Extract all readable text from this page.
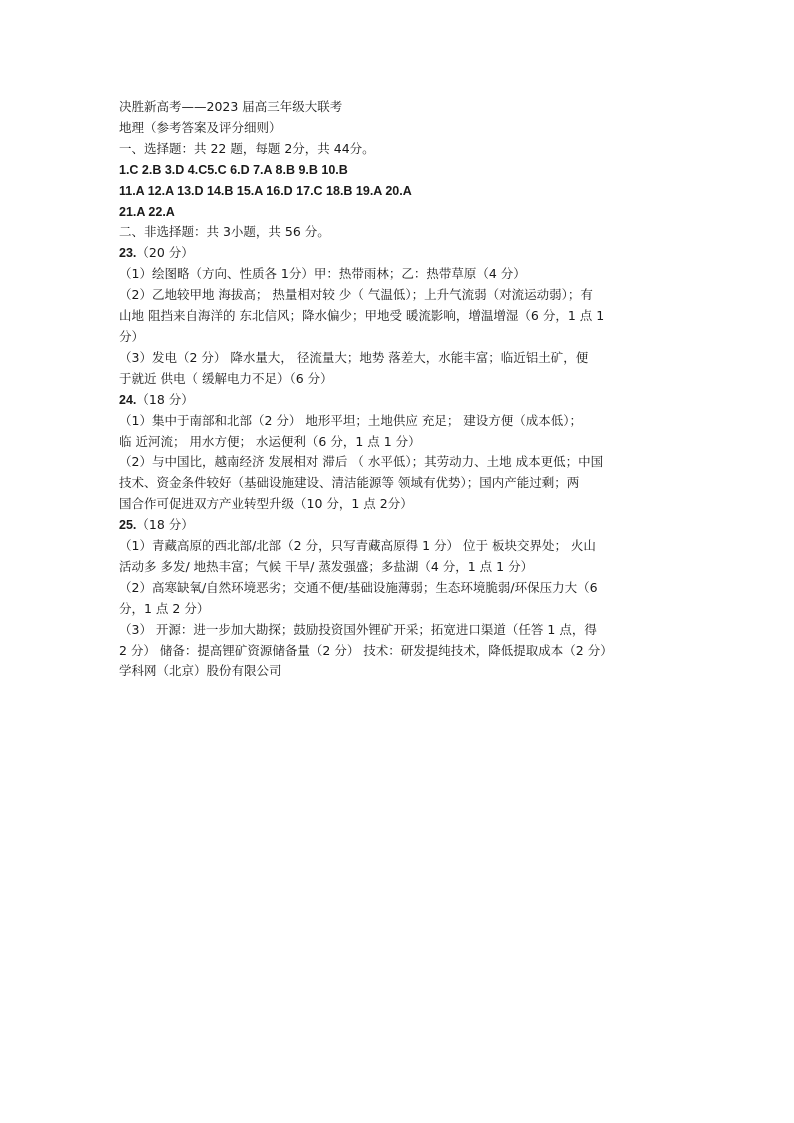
决胜新高考——2023 届高三年级大联考
地理（参考答案及评分细则）
一、选择题：共 22 题，每题 2分，共 44分。
1.C 2.B 3.D 4.C5.C 6.D 7.A 8.B 9.B 10.B
11.A 12.A 13.D 14.B 15.A 16.D 17.C 18.B 19.A 20.A
21.A 22.A
二、非选择题：共 3小题，共 56 分。
23.（20 分）
（1）绘图略（方向、性质各 1分）甲：热带雨林；乙：热带草原（4 分）
（2）乙地较甲地 海拔高； 热量相对较 少（ 气温低）；上升气流弱（对流运动弱）；有
山地 阻挡来自海洋的 东北信风；降水偏少；甲地受 暖流影响，增温增湿（6 分，1 点 1
分）
（3）发电（2 分） 降水量大， 径流量大；地势 落差大，水能丰富；临近铝土矿，便
于就近 供电（ 缓解电力不足）（6 分）
24.（18 分）
（1）集中于南部和北部（2 分） 地形平坦；土地供应 充足； 建设方便（成本低）；
临 近河流； 用水方便； 水运便利（6 分，1 点 1 分）
（2）与中国比，越南经济 发展相对 滞后 （ 水平低）；其劳动力、土地 成本更低；中国
技术、资金条件较好（基础设施建设、清洁能源等 领域有优势）；国内产能过剩；两
国合作可促进双方产业转型升级（10 分，1 点 2分）
25.（18 分）
（1）青藏高原的西北部/北部（2 分，只写青藏高原得 1 分） 位于 板块交界处； 火山
活动多 多发/ 地热丰富；气候 干旱/ 蒸发强盛；多盐湖（4 分，1 点 1 分）
（2）高寒缺氧/自然环境恶劣；交通不便/基础设施薄弱；生态环境脆弱/环保压力大（6
分，1 点 2 分）
（3） 开源：进一步加大勘探；鼓励投资国外锂矿开采；拓宽进口渠道（任答 1 点，得
2 分） 储备：提高锂矿资源储备量（2 分） 技术：研发提纯技术，降低提取成本（2 分）
学科网（北京）股份有限公司
